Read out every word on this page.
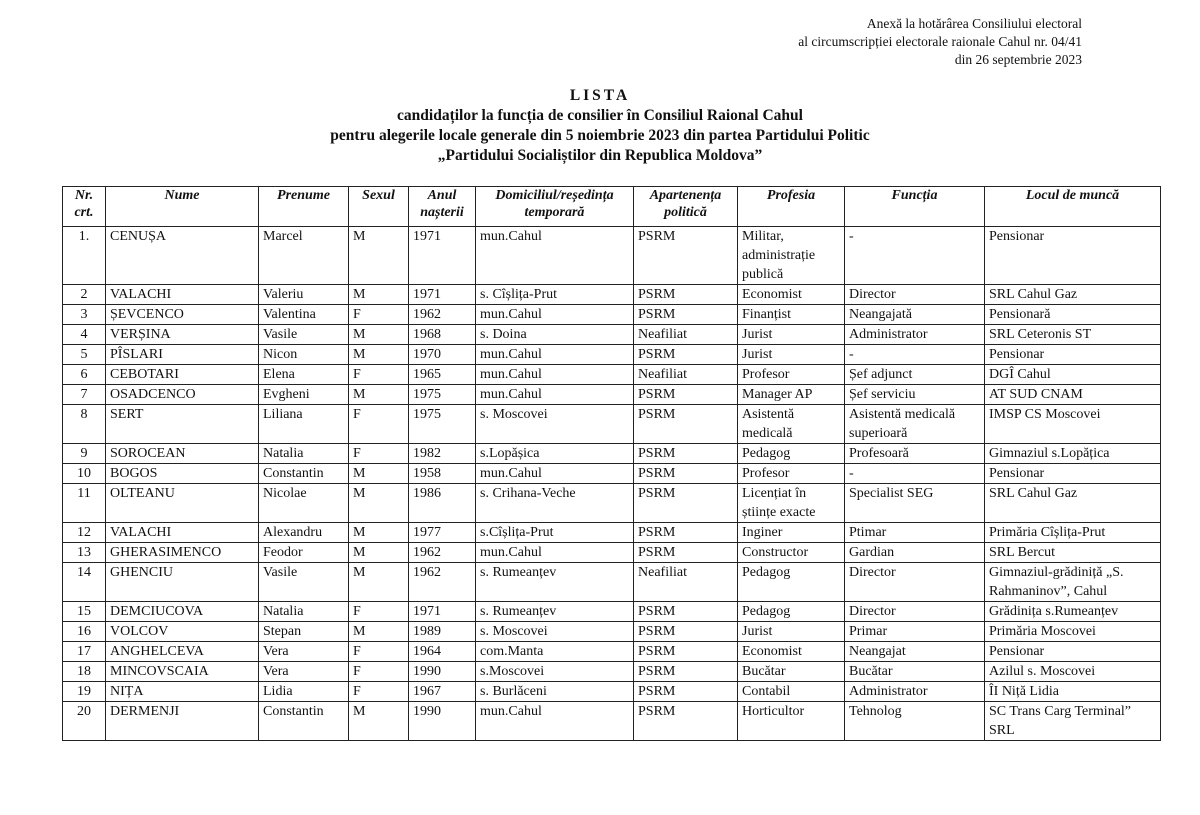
Anexă la hotărârea Consiliului electoral
al circumscripției electorale raionale Cahul nr. 04/41
din 26 septembrie 2023
LISTA
candidaților la funcția de consilier în Consiliul Raional Cahul
pentru alegerile locale generale din 5 noiembrie 2023 din partea Partidului Politic
„Partidului Socialiștilor din Republica Moldova”
Nr. crt.	Nume	Prenume	Sexul	Anul nașterii	Domiciliul/reședința temporară	Apartenența politică	Profesia	Funcția	Locul de muncă
1.	CENUȘA	Marcel	M	1971	mun.Cahul	PSRM	Militar, administrație publică	-	Pensionar
2	VALACHI	Valeriu	M	1971	s. Cîșlița-Prut	PSRM	Economist	Director	SRL Cahul Gaz
3	ȘEVCENCO	Valentina	F	1962	mun.Cahul	PSRM	Finanțist	Neangajată	Pensionară
4	VERȘINA	Vasile	M	1968	s. Doina	Neafiliat	Jurist	Administrator	SRL Ceteronis ST
5	PÎSLARI	Nicon	M	1970	mun.Cahul	PSRM	Jurist	-	Pensionar
6	CEBOTARI	Elena	F	1965	mun.Cahul	Neafiliat	Profesor	Șef adjunct	DGÎ Cahul
7	OSADCENCO	Evgheni	M	1975	mun.Cahul	PSRM	Manager AP	Șef serviciu	AT SUD CNAM
8	SERT	Liliana	F	1975	s. Moscovei	PSRM	Asistentă medicală	Asistentă medicală superioară	IMSP CS Moscovei
9	SOROCEAN	Natalia	F	1982	s.Lopășica	PSRM	Pedagog	Profesoară	Gimnaziul s.Lopățica
10	BOGOS	Constantin	M	1958	mun.Cahul	PSRM	Profesor	-	Pensionar
11	OLTEANU	Nicolae	M	1986	s. Crihana-Veche	PSRM	Licențiat în științe exacte	Specialist SEG	SRL Cahul Gaz
12	VALACHI	Alexandru	M	1977	s.Cîșlița-Prut	PSRM	Inginer	Ptimar	Primăria Cîșlița-Prut
13	GHERASIMENCO	Feodor	M	1962	mun.Cahul	PSRM	Constructor	Gardian	SRL Bercut
14	GHENCIU	Vasile	M	1962	s. Rumeanțev	Neafiliat	Pedagog	Director	Gimnaziul-grădiniță „S. Rahmaninov”, Cahul
15	DEMCIUCOVA	Natalia	F	1971	s. Rumeanțev	PSRM	Pedagog	Director	Grădinița s.Rumeanțev
16	VOLCOV	Stepan	M	1989	s. Moscovei	PSRM	Jurist	Primar	Primăria Moscovei
17	ANGHELCEVA	Vera	F	1964	com.Manta	PSRM	Economist	Neangajat	Pensionar
18	MINCOVSCAIA	Vera	F	1990	s.Moscovei	PSRM	Bucătar	Bucătar	Azilul s. Moscovei
19	NIȚA	Lidia	F	1967	s. Burlăceni	PSRM	Contabil	Administrator	ÎI Niță Lidia
20	DERMENJI	Constantin	M	1990	mun.Cahul	PSRM	Horticultor	Tehnolog	SC Trans Carg Terminal” SRL
